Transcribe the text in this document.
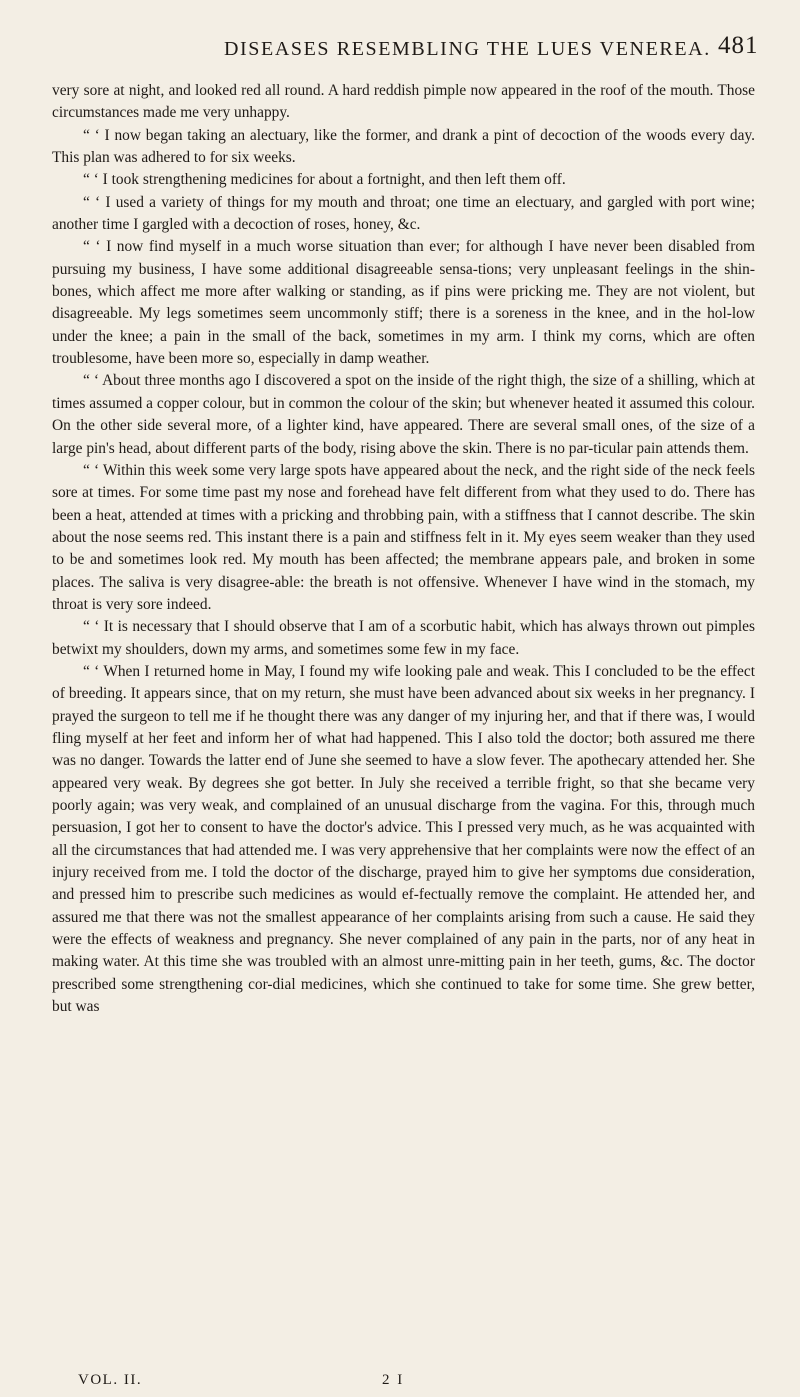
DISEASES RESEMBLING THE LUES VENEREA. 481

very sore at night, and looked red all round. A hard reddish pimple now appeared in the roof of the mouth. Those circumstances made me very unhappy.

“ ‘ I now began taking an alectuary, like the former, and drank a pint of decoction of the woods every day. This plan was adhered to for six weeks.

“ ‘ I took strengthening medicines for about a fortnight, and then left them off.

“ ‘ I used a variety of things for my mouth and throat; one time an electuary, and gargled with port wine; another time I gargled with a decoction of roses, honey, &c.

“ ‘ I now find myself in a much worse situation than ever; for although I have never been disabled from pursuing my business, I have some additional disagreeable sensa-tions; very unpleasant feelings in the shin-bones, which affect me more after walking or standing, as if pins were pricking me. They are not violent, but disagreeable. My legs sometimes seem uncommonly stiff; there is a soreness in the knee, and in the hol-low under the knee; a pain in the small of the back, sometimes in my arm. I think my corns, which are often troublesome, have been more so, especially in damp weather.

“ ‘ About three months ago I discovered a spot on the inside of the right thigh, the size of a shilling, which at times assumed a copper colour, but in common the colour of the skin; but whenever heated it assumed this colour. On the other side several more, of a lighter kind, have appeared. There are several small ones, of the size of a large pin's head, about different parts of the body, rising above the skin. There is no par-ticular pain attends them.

“ ‘ Within this week some very large spots have appeared about the neck, and the right side of the neck feels sore at times. For some time past my nose and forehead have felt different from what they used to do. There has been a heat, attended at times with a pricking and throbbing pain, with a stiffness that I cannot describe. The skin about the nose seems red. This instant there is a pain and stiffness felt in it. My eyes seem weaker than they used to be and sometimes look red. My mouth has been affected; the membrane appears pale, and broken in some places. The saliva is very disagree-able: the breath is not offensive. Whenever I have wind in the stomach, my throat is very sore indeed.

“ ‘ It is necessary that I should observe that I am of a scorbutic habit, which has always thrown out pimples betwixt my shoulders, down my arms, and sometimes some few in my face.

“ ‘ When I returned home in May, I found my wife looking pale and weak. This I concluded to be the effect of breeding. It appears since, that on my return, she must have been advanced about six weeks in her pregnancy. I prayed the surgeon to tell me if he thought there was any danger of my injuring her, and that if there was, I would fling myself at her feet and inform her of what had happened. This I also told the doctor; both assured me there was no danger. Towards the latter end of June she seemed to have a slow fever. The apothecary attended her. She appeared very weak. By degrees she got better. In July she received a terrible fright, so that she became very poorly again; was very weak, and complained of an unusual discharge from the vagina. For this, through much persuasion, I got her to consent to have the doctor's advice. This I pressed very much, as he was acquainted with all the circumstances that had attended me. I was very apprehensive that her complaints were now the effect of an injury received from me. I told the doctor of the discharge, prayed him to give her symptoms due consideration, and pressed him to prescribe such medicines as would ef-fectually remove the complaint. He attended her, and assured me that there was not the smallest appearance of her complaints arising from such a cause. He said they were the effects of weakness and pregnancy. She never complained of any pain in the parts, nor of any heat in making water. At this time she was troubled with an almost unre-mitting pain in her teeth, gums, &c. The doctor prescribed some strengthening cor-dial medicines, which she continued to take for some time. She grew better, but was

VOL. II.	2 I
